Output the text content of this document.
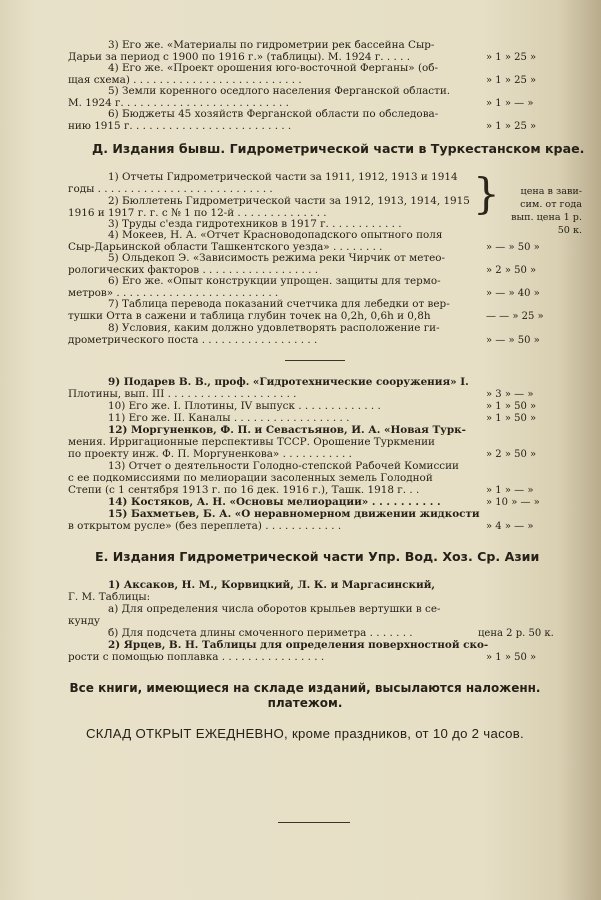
3) Его же. «Материалы по гидрометрии рек бассейна Сыр-
Дарьи за период с 1900 по 1916 г.» (таблицы). М. 1924 г. . . . .	» 1 » 25 »
4) Его же. «Проект орошения юго-восточной Ферганы» (об-
щая схема) . . . . . . . . . . . . . . . . . . . . . . . . . .	» 1 » 25 »
5) Земли коренного оседлого населения Ферганской области.
М. 1924 г. . . . . . . . . . . . . . . . . . . . . . . . . .	» 1 » — »
6) Бюджеты 45 хозяйств Ферганской области по обследова-
нию 1915 г. . . . . . . . . . . . . . . . . . . . . . . . .	» 1 » 25 »
Д. Издания бывш. Гидрометрической части в Туркестанском крае.
1) Отчеты Гидрометрической части за 1911, 1912, 1913 и 1914
годы . . . . . . . . . . . . . . . . . . . . . . . . . . .
2) Бюллетень Гидрометрической части за 1912, 1913, 1914, 1915
1916 и 1917 г. г. с № 1 по 12-й . . . . . . . . . . . . . .
3) Труды с'езда гидротехников в 1917 г. . . . . . . . . . . .
}	цена в зави- сим. от года вып. цена 1 р. 50 к.
4) Мокеев, Н. А. «Отчет Красноводопадского опытного поля
Сыр-Дарьинской области Ташкентского уезда» . . . . . . . .	» — » 50 »
5) Ольдекоп Э. «Зависимость режима реки Чирчик от метео-
рологических факторов . . . . . . . . . . . . . . . . . .	» 2 » 50 »
6) Его же. «Опыт конструкции упрощен. защиты для термо-
метров» . . . . . . . . . . . . . . . . . . . . . . . . .	» — » 40 »
7) Таблица перевода показаний счетчика для лебедки от вер-
тушки Отта в сажени и таблица глубин точек на 0,2h, 0,6h и 0,8h	— — » 25 »
8) Условия, каким должно удовлетворять расположение ги-
дрометрического поста . . . . . . . . . . . . . . . . . .	» — » 50 »
9) Подарев В. В., проф. «Гидротехнические сооружения» I.
Плотины, вып. III . . . . . . . . . . . . . . . . . . . .	» 3 » — »
10) Его же. I. Плотины, IV выпуск . . . . . . . . . . . . .	» 1 » 50 »
11) Его же. II. Каналы . . . . . . . . . . . . . . . . . .	» 1 » 50 »
12) Моргуненков, Ф. П. и Севастьянов, И. А. «Новая Турк-
мения. Ирригационные перспективы ТССР. Орошение Туркмении
по проекту инж. Ф. П. Моргуненкова» . . . . . . . . . . .	» 2 » 50 »
13) Отчет о деятельности Голодно-степской Рабочей Комиссии
с ее подкомиссиями по мелиорации засоленных земель Голодной
Степи (с 1 сентября 1913 г. по 16 дек. 1916 г.), Ташк. 1918 г. . .	» 1 » — »
14) Костяков, А. Н. «Основы мелиорации» . . . . . . . . . .	» 10 » — »
15) Бахметьев, Б. А. «О неравномерном движении жидкости
в открытом русле» (без переплета) . . . . . . . . . . . .	» 4 » — »
Е. Издания Гидрометрической части Упр. Вод. Хоз. Ср. Азии
1) Аксаков, Н. М., Корвицкий, Л. К. и Маргасинский,
Г. М. Таблицы:
а) Для определения числа оборотов крыльев вертушки в се-
кунду
б) Для подсчета длины смоченного периметра . . . . . . .	цена 2 р. 50 к.
2) Ярцев, В. Н. Таблицы для определения поверхностной ско-
рости с помощью поплавка . . . . . . . . . . . . . . . .	» 1 » 50 »
Все книги, имеющиеся на складе изданий, высылаются наложенн.
платежом.
СКЛАД ОТКРЫТ ЕЖЕДНЕВНО, кроме праздников, от 10 до 2 часов.
